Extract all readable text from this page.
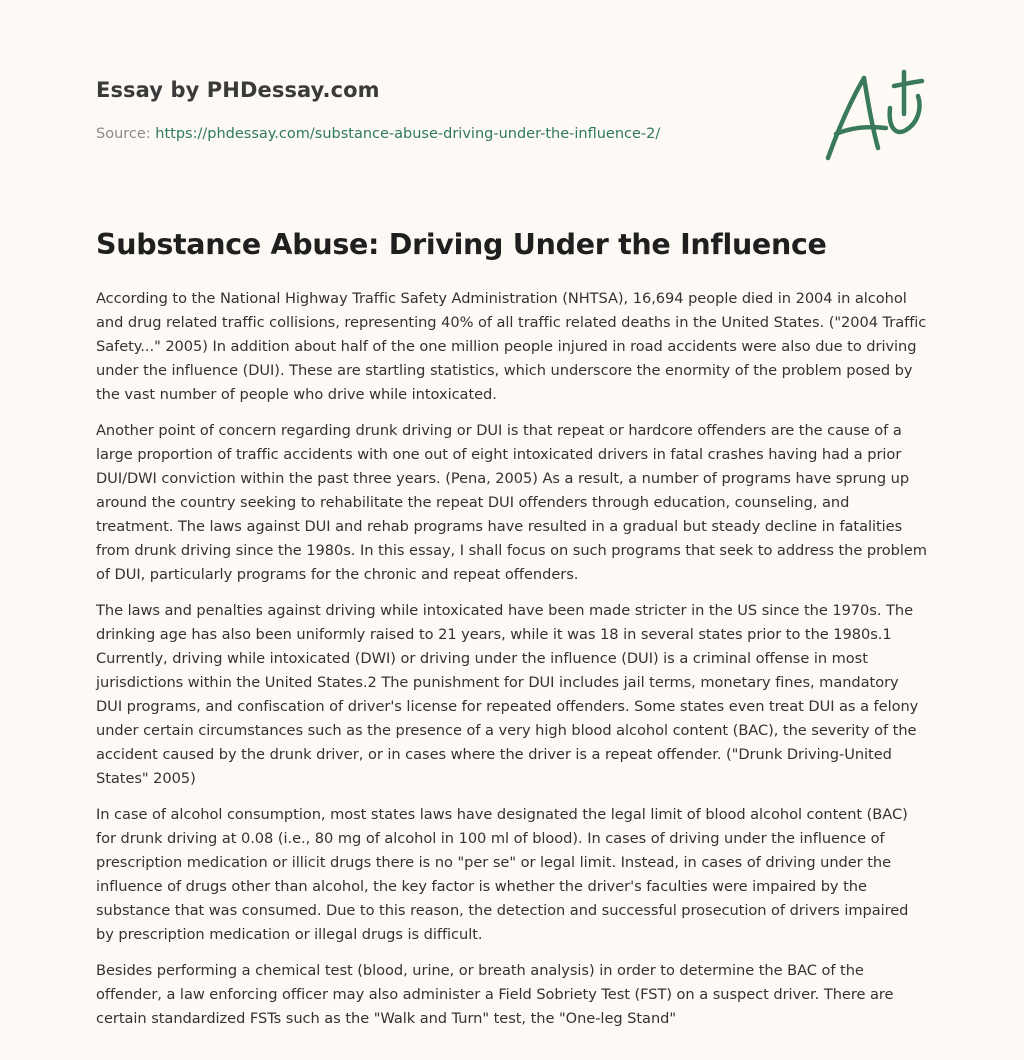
Essay by PHDessay.com
Source: https://phdessay.com/substance-abuse-driving-under-the-influence-2/
Substance Abuse: Driving Under the Influence

According to the National Highway Traffic Safety Administration (NHTSA), 16,694 people died in 2004 in alcohol and drug related traffic collisions, representing 40% of all traffic related deaths in the United States. ("2004 Traffic Safety..." 2005) In addition about half of the one million people injured in road accidents were also due to driving under the influence (DUI). These are startling statistics, which underscore the enormity of the problem posed by the vast number of people who drive while intoxicated.

Another point of concern regarding drunk driving or DUI is that repeat or hardcore offenders are the cause of a large proportion of traffic accidents with one out of eight intoxicated drivers in fatal crashes having had a prior DUI/DWI conviction within the past three years. (Pena, 2005) As a result, a number of programs have sprung up around the country seeking to rehabilitate the repeat DUI offenders through education, counseling, and treatment. The laws against DUI and rehab programs have resulted in a gradual but steady decline in fatalities from drunk driving since the 1980s. In this essay, I shall focus on such programs that seek to address the problem of DUI, particularly programs for the chronic and repeat offenders.

The laws and penalties against driving while intoxicated have been made stricter in the US since the 1970s. The drinking age has also been uniformly raised to 21 years, while it was 18 in several states prior to the 1980s.1 Currently, driving while intoxicated (DWI) or driving under the influence (DUI) is a criminal offense in most jurisdictions within the United States.2 The punishment for DUI includes jail terms, monetary fines, mandatory DUI programs, and confiscation of driver's license for repeated offenders. Some states even treat DUI as a felony under certain circumstances such as the presence of a very high blood alcohol content (BAC), the severity of the accident caused by the drunk driver, or in cases where the driver is a repeat offender. ("Drunk Driving-United States" 2005)

In case of alcohol consumption, most states laws have designated the legal limit of blood alcohol content (BAC) for drunk driving at 0.08 (i.e., 80 mg of alcohol in 100 ml of blood). In cases of driving under the influence of prescription medication or illicit drugs there is no "per se" or legal limit. Instead, in cases of driving under the influence of drugs other than alcohol, the key factor is whether the driver's faculties were impaired by the substance that was consumed. Due to this reason, the detection and successful prosecution of drivers impaired by prescription medication or illegal drugs is difficult.

Besides performing a chemical test (blood, urine, or breath analysis) in order to determine the BAC of the offender, a law enforcing officer may also administer a Field Sobriety Test (FST) on a suspect driver. There are certain standardized FSTs such as the "Walk and Turn" test, the "One-leg Stand"
